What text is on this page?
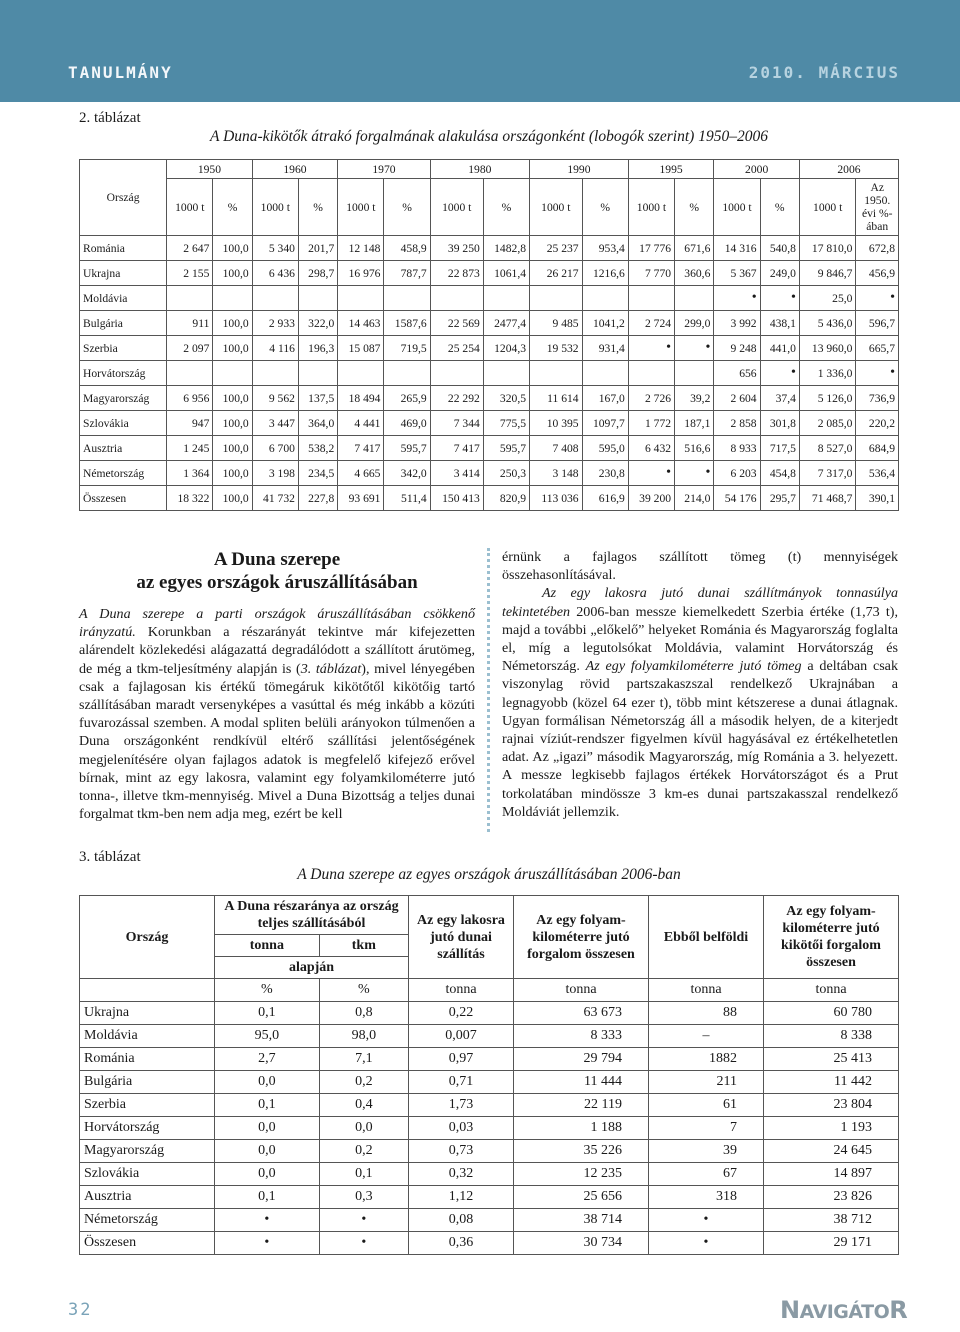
TANULMÁNY	2010. MÁRCIUS
2. táblázat
A Duna-kikötők átrakó forgalmának alakulása országonként (lobogók szerint) 1950–2006
Ország	1950		1960		1970		1980		1990		1995		2000		2006	
	1000 t	%	1000 t	%	1000 t	%	1000 t	%	1000 t	%	1000 t	%	1000 t	%	1000 t	Az
1950.
évi %-
ában

Románia	2 647	100,0	5 340	201,7	12 148	458,9	39 250	1482,8	25 237	953,4	17 776	671,6	14 316	540,8	17 810,0	672,8
Ukrajna	2 155	100,0	6 436	298,7	16 976	787,7	22 873	1061,4	26 217	1216,6	7 770	360,6	5 367	249,0	9 846,7	456,9
Moldávia													•	•	25,0	•
Bulgária	911	100,0	2 933	322,0	14 463	1587,6	22 569	2477,4	9 485	1041,2	2 724	299,0	3 992	438,1	5 436,0	596,7
Szerbia	2 097	100,0	4 116	196,3	15 087	719,5	25 254	1204,3	19 532	931,4	•	•	9 248	441,0	13 960,0	665,7
Horvátország													656	•	1 336,0	•
Magyarország	6 956	100,0	9 562	137,5	18 494	265,9	22 292	320,5	11 614	167,0	2 726	39,2	2 604	37,4	5 126,0	736,9
Szlovákia	947	100,0	3 447	364,0	4 441	469,0	7 344	775,5	10 395	1097,7	1 772	187,1	2 858	301,8	2 085,0	220,2
Ausztria	1 245	100,0	6 700	538,2	7 417	595,7	7 417	595,7	7 408	595,0	6 432	516,6	8 933	717,5	8 527,0	684,9
Németország	1 364	100,0	3 198	234,5	4 665	342,0	3 414	250,3	3 148	230,8	•	•	6 203	454,8	7 317,0	536,4
Összesen	18 322	100,0	41 732	227,8	93 691	511,4	150 413	820,9	113 036	616,9	39 200	214,0	54 176	295,7	71 468,7	390,1
A Duna szerepe
az egyes országok áruszállításában

A Duna szerepe a parti országok áruszállításában csökkenő irányzatú. Korunkban a részarányát tekintve már kifejezetten alárendelt közlekedési alágazattá degradálódott a szállított árutömeg, de még a tkm-teljesítmény alapján is (3. táblázat), mivel lényegében csak a fajlagosan kis értékű tömegáruk kikötőtől kikötőig tartó szállításában maradt versenyképes a vasúttal és még inkább a közúti fuvarozással szemben. A modal spliten belüli arányokon túlmenően a Duna országonként rendkívül eltérő szállítási jelentőségének megjelenítésére olyan fajlagos adatok is megfelelő kifejező erővel bírnak, mint az egy lakosra, valamint egy folyamkilométerre jutó tonna-, illetve tkm-mennyiség. Mivel a Duna Bizottság a teljes dunai forgalmat tkm-ben nem adja meg, ezért be kell

érnünk a fajlagos szállított tömeg (t) mennyiségek összehasonlításával.

Az egy lakosra jutó dunai szállítmányok tonnasúlya tekintetében 2006-ban messze kiemelkedett Szerbia értéke (1,73 t), majd a további „előkelő” helyeket Románia és Magyarország foglalta el, míg a legutolsókat Moldávia, valamint Horvátország és Németország. Az egy folyamkilométerre jutó tömeg a deltában csak viszonylag rövid partszakaszszal rendelkező Ukrajnában a legnagyobb (közel 64 ezer t), több mint kétszerese a dunai átlagnak. Ugyan formálisan Németország áll a második helyen, de a kiterjedt rajnai víziút-rendszer figyelmen kívül hagyásával ez értékelhetetlen adat. Az „igazi” második Magyarország, míg Románia a 3. helyezett. A messze legkisebb fajlagos értékek Horvátországot és a Prut torkolatában mindössze 3 km-es dunai partszakasszal rendelkező Moldáviát jellemzik.

3. táblázat
A Duna szerepe az egyes országok áruszállításában 2006-ban
Ország	A Duna részaránya az ország teljes szállításából		Az egy lakosra jutó dunai szállítás	Az egy folyam-kilométerre jutó forgalom összesen	Ebből belföldi	Az egy folyam-kilométerre jutó kikötői forgalom összesen
	tonna	tkm				
	alapján					
	%	%	tonna	tonna	tonna	tonna
Ukrajna	0,1	0,8	0,22	63 673	88	60 780
Moldávia	95,0	98,0	0,007	8 333	–	8 338
Románia	2,7	7,1	0,97	29 794	1882	25 413
Bulgária	0,0	0,2	0,71	11 444	211	11 442
Szerbia	0,1	0,4	1,73	22 119	61	23 804
Horvátország	0,0	0,0	0,03	1 188	7	1 193
Magyarország	0,0	0,2	0,73	35 226	39	24 645
Szlovákia	0,0	0,1	0,32	12 235	67	14 897
Ausztria	0,1	0,3	1,12	25 656	318	23 826
Németország	•	•	0,08	38 714	•	38 712
Összesen	•	•	0,36	30 734	•	29 171
32	NAVIGÁTOR
